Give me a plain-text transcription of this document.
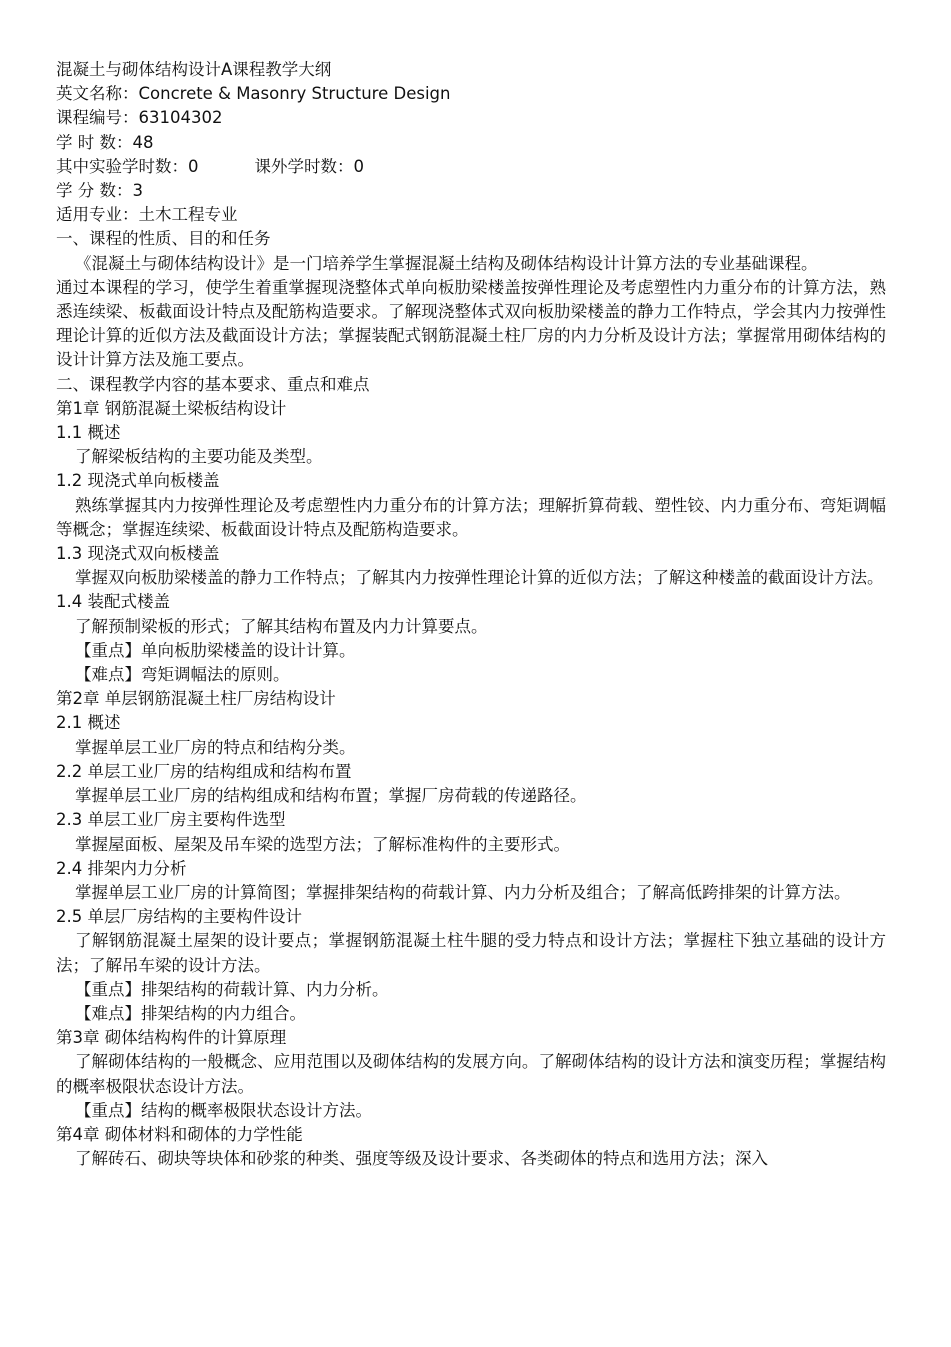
混凝土与砌体结构设计A课程教学大纲
英文名称：Concrete & Masonry Structure Design
课程编号：63104302
学 时 数：48
其中实验学时数：0	课外学时数：0
学 分 数：3
适用专业：土木工程专业
一、课程的性质、目的和任务
《混凝土与砌体结构设计》是一门培养学生掌握混凝土结构及砌体结构设计计算方法的专业基础课程。
通过本课程的学习，使学生着重掌握现浇整体式单向板肋梁楼盖按弹性理论及考虑塑性内力重分布的计算方法，熟悉连续梁、板截面设计特点及配筋构造要求。了解现浇整体式双向板肋梁楼盖的静力工作特点，学会其内力按弹性理论计算的近似方法及截面设计方法；掌握装配式钢筋混凝土柱厂房的内力分析及设计方法；掌握常用砌体结构的设计计算方法及施工要点。
二、课程教学内容的基本要求、重点和难点
第1章 钢筋混凝土梁板结构设计
1.1 概述
了解梁板结构的主要功能及类型。
1.2 现浇式单向板楼盖
熟练掌握其内力按弹性理论及考虑塑性内力重分布的计算方法；理解折算荷载、塑性铰、内力重分布、弯矩调幅等概念；掌握连续梁、板截面设计特点及配筋构造要求。
1.3 现浇式双向板楼盖
掌握双向板肋梁楼盖的静力工作特点；了解其内力按弹性理论计算的近似方法；了解这种楼盖的截面设计方法。
1.4 装配式楼盖
了解预制梁板的形式；了解其结构布置及内力计算要点。
【重点】单向板肋梁楼盖的设计计算。
【难点】弯矩调幅法的原则。
第2章 单层钢筋混凝土柱厂房结构设计
2.1 概述
掌握单层工业厂房的特点和结构分类。
2.2 单层工业厂房的结构组成和结构布置
掌握单层工业厂房的结构组成和结构布置；掌握厂房荷载的传递路径。
2.3 单层工业厂房主要构件选型
掌握屋面板、屋架及吊车梁的选型方法；了解标准构件的主要形式。
2.4 排架内力分析
掌握单层工业厂房的计算简图；掌握排架结构的荷载计算、内力分析及组合；了解高低跨排架的计算方法。
2.5 单层厂房结构的主要构件设计
了解钢筋混凝土屋架的设计要点；掌握钢筋混凝土柱牛腿的受力特点和设计方法；掌握柱下独立基础的设计方法；了解吊车梁的设计方法。
【重点】排架结构的荷载计算、内力分析。
【难点】排架结构的内力组合。
第3章 砌体结构构件的计算原理
了解砌体结构的一般概念、应用范围以及砌体结构的发展方向。了解砌体结构的设计方法和演变历程；掌握结构的概率极限状态设计方法。
【重点】结构的概率极限状态设计方法。
第4章 砌体材料和砌体的力学性能
了解砖石、砌块等块体和砂浆的种类、强度等级及设计要求、各类砌体的特点和选用方法；深入
